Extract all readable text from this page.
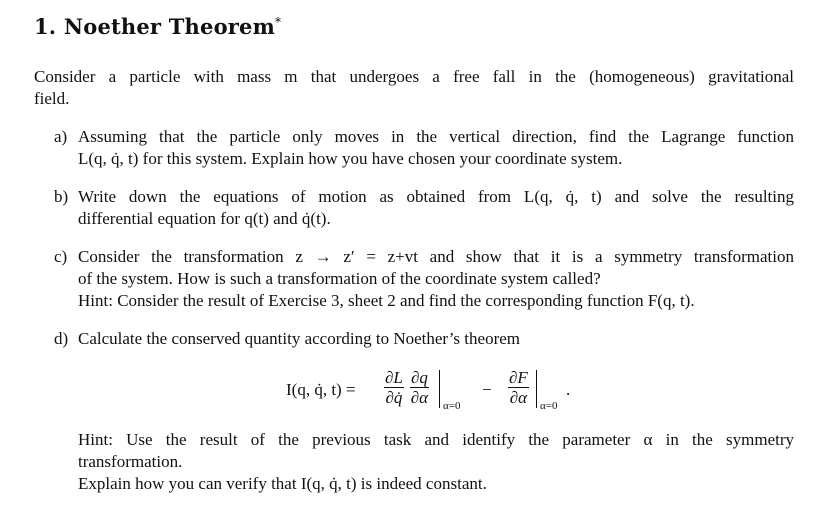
1. Noether Theorem*
Consider a particle with mass m that undergoes a free fall in the (homogeneous) gravitational
field.
a) Assuming that the particle only moves in the vertical direction, find the Lagrange function
L(q, q̇, t) for this system. Explain how you have chosen your coordinate system.
b) Write down the equations of motion as obtained from L(q, q̇, t) and solve the resulting
differential equation for q(t) and q̇(t).
c) Consider the transformation z → z′ = z+vt and show that it is a symmetry transformation
of the system. How is such a transformation of the coordinate system called?
Hint: Consider the result of Exercise 3, sheet 2 and find the corresponding function F(q, t).
d) Calculate the conserved quantity according to Noether’s theorem
I(q, q̇, $t) = \frac{\partial L}{\partial q̇} \frac{\partial q}{\partial\alpha} \alpha=0$
− $\frac{\partial F}{\partial\alpha} \alpha=0$
.
Hint: Use the result of the previous task and identify the parameter α in the symmetry
transformation.
Explain how you can verify that I(q, q̇, t) is indeed constant.
